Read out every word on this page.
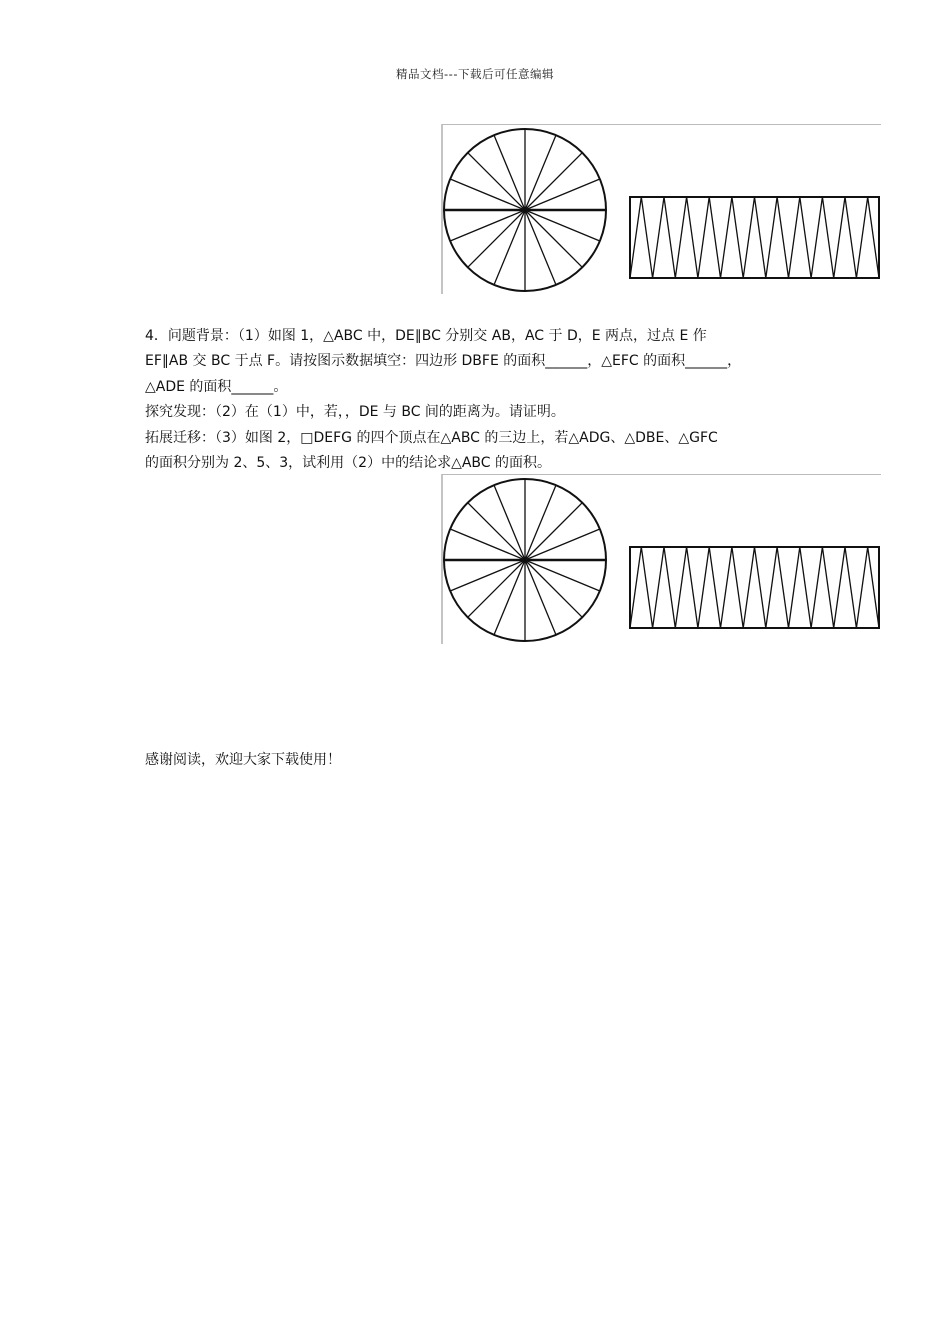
精品文档---下载后可任意编辑

4．问题背景：（1）如图 1，△ABC 中，DE∥BC 分别交 AB，AC 于 D，E 两点，过点 E 作

EF∥AB 交 BC 于点 F。请按图示数据填空：四边形 DBFE 的面积______，△EFC 的面积______，

△ADE 的面积______。

探究发现：（2）在（1）中，若，，DE 与 BC 间的距离为。请证明。

拓展迁移：（3）如图 2，□DEFG 的四个顶点在△ABC 的三边上，若△ADG、△DBE、△GFC

的面积分别为 2、5、3，试利用（2）中的结论求△ABC 的面积。

感谢阅读，欢迎大家下载使用！
